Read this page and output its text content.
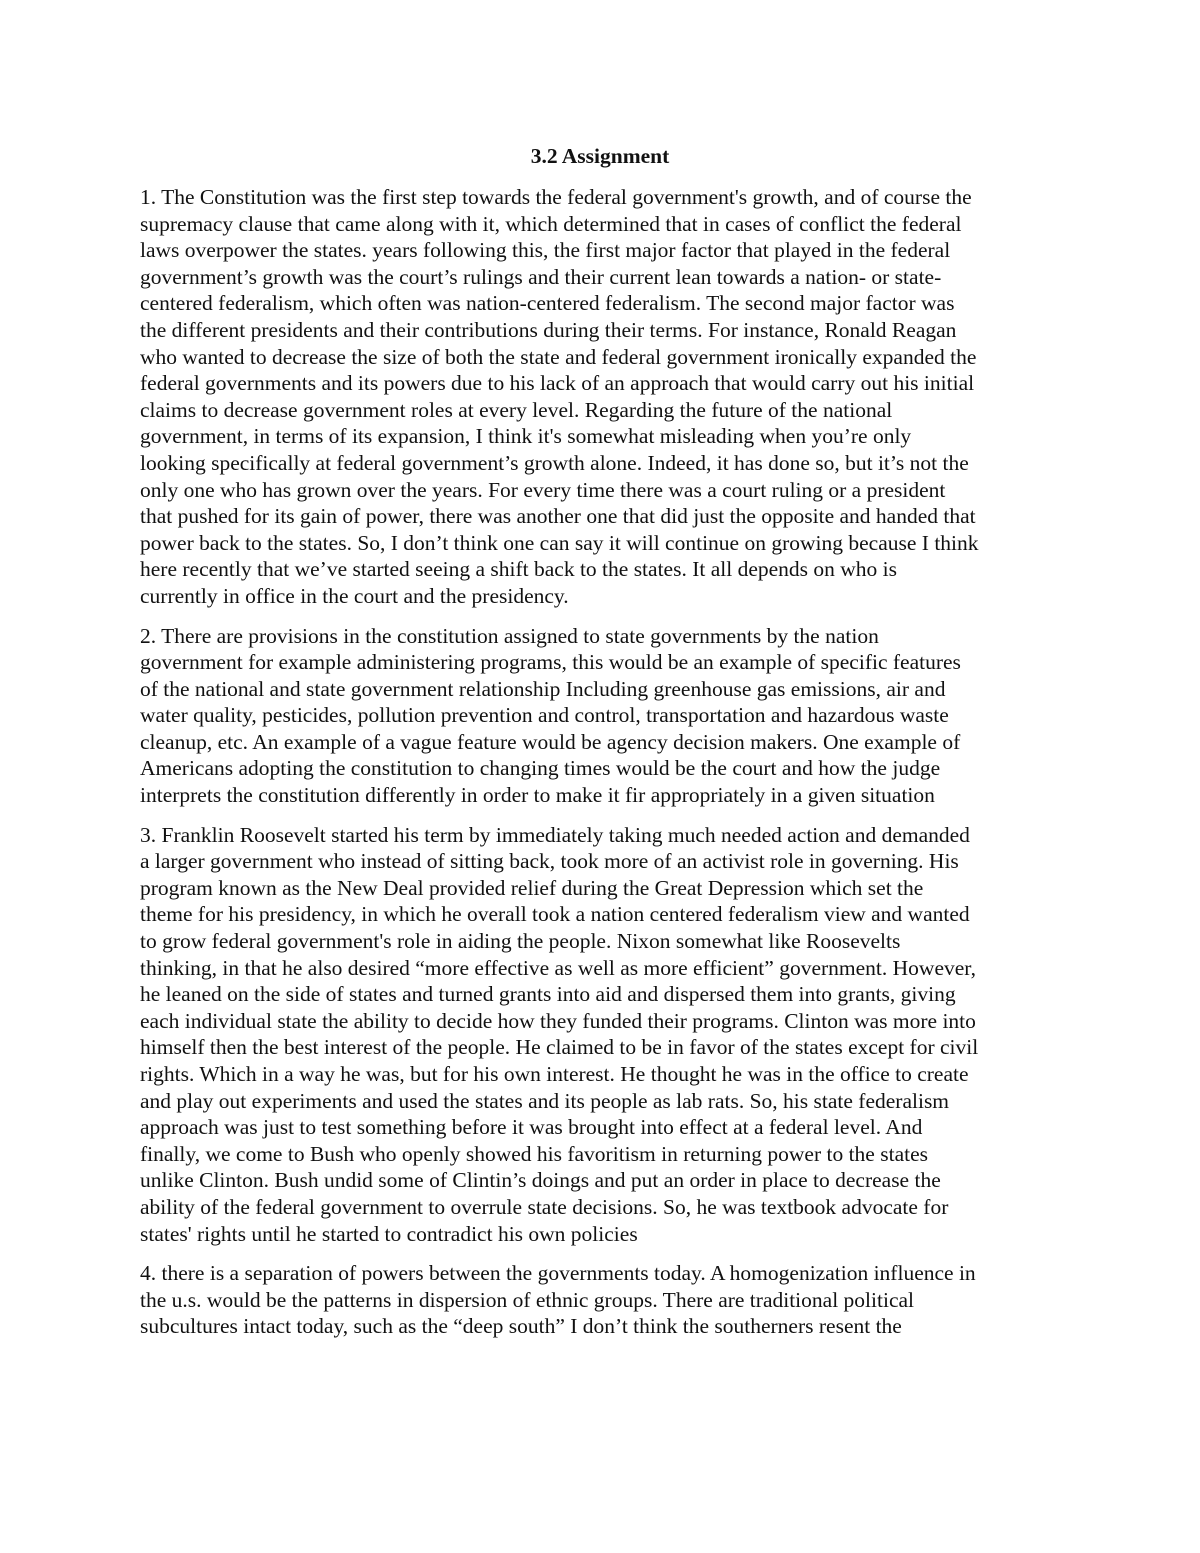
3.2 Assignment
1. The Constitution was the first step towards the federal government's growth, and of course the
supremacy clause that came along with it, which determined that in cases of conflict the federal
laws overpower the states. years following this, the first major factor that played in the federal
government’s growth was the court’s rulings and their current lean towards a nation- or state-
centered federalism, which often was nation-centered federalism. The second major factor was
the different presidents and their contributions during their terms. For instance, Ronald Reagan
who wanted to decrease the size of both the state and federal government ironically expanded the
federal governments and its powers due to his lack of an approach that would carry out his initial
claims to decrease government roles at every level. Regarding the future of the national
government, in terms of its expansion, I think it's somewhat misleading when you’re only
looking specifically at federal government’s growth alone. Indeed, it has done so, but it’s not the
only one who has grown over the years. For every time there was a court ruling or a president
that pushed for its gain of power, there was another one that did just the opposite and handed that
power back to the states. So, I don’t think one can say it will continue on growing because I think
here recently that we’ve started seeing a shift back to the states. It all depends on who is
currently in office in the court and the presidency.
2. There are provisions in the constitution assigned to state governments by the nation
government for example administering programs, this would be an example of specific features
of the national and state government relationship Including greenhouse gas emissions, air and
water quality, pesticides, pollution prevention and control, transportation and hazardous waste
cleanup, etc. An example of a vague feature would be agency decision makers. One example of
Americans adopting the constitution to changing times would be the court and how the judge
interprets the constitution differently in order to make it fir appropriately in a given situation
3. Franklin Roosevelt started his term by immediately taking much needed action and demanded
a larger government who instead of sitting back, took more of an activist role in governing. His
program known as the New Deal provided relief during the Great Depression which set the
theme for his presidency, in which he overall took a nation centered federalism view and wanted
to grow federal government's role in aiding the people. Nixon somewhat like Roosevelts
thinking, in that he also desired “more effective as well as more efficient” government. However,
he leaned on the side of states and turned grants into aid and dispersed them into grants, giving
each individual state the ability to decide how they funded their programs. Clinton was more into
himself then the best interest of the people. He claimed to be in favor of the states except for civil
rights. Which in a way he was, but for his own interest. He thought he was in the office to create
and play out experiments and used the states and its people as lab rats. So, his state federalism
approach was just to test something before it was brought into effect at a federal level. And
finally, we come to Bush who openly showed his favoritism in returning power to the states
unlike Clinton. Bush undid some of Clintin’s doings and put an order in place to decrease the
ability of the federal government to overrule state decisions. So, he was textbook advocate for
states' rights until he started to contradict his own policies
4. there is a separation of powers between the governments today. A homogenization influence in
the u.s. would be the patterns in dispersion of ethnic groups. There are traditional political
subcultures intact today, such as the “deep south” I don’t think the southerners resent the
